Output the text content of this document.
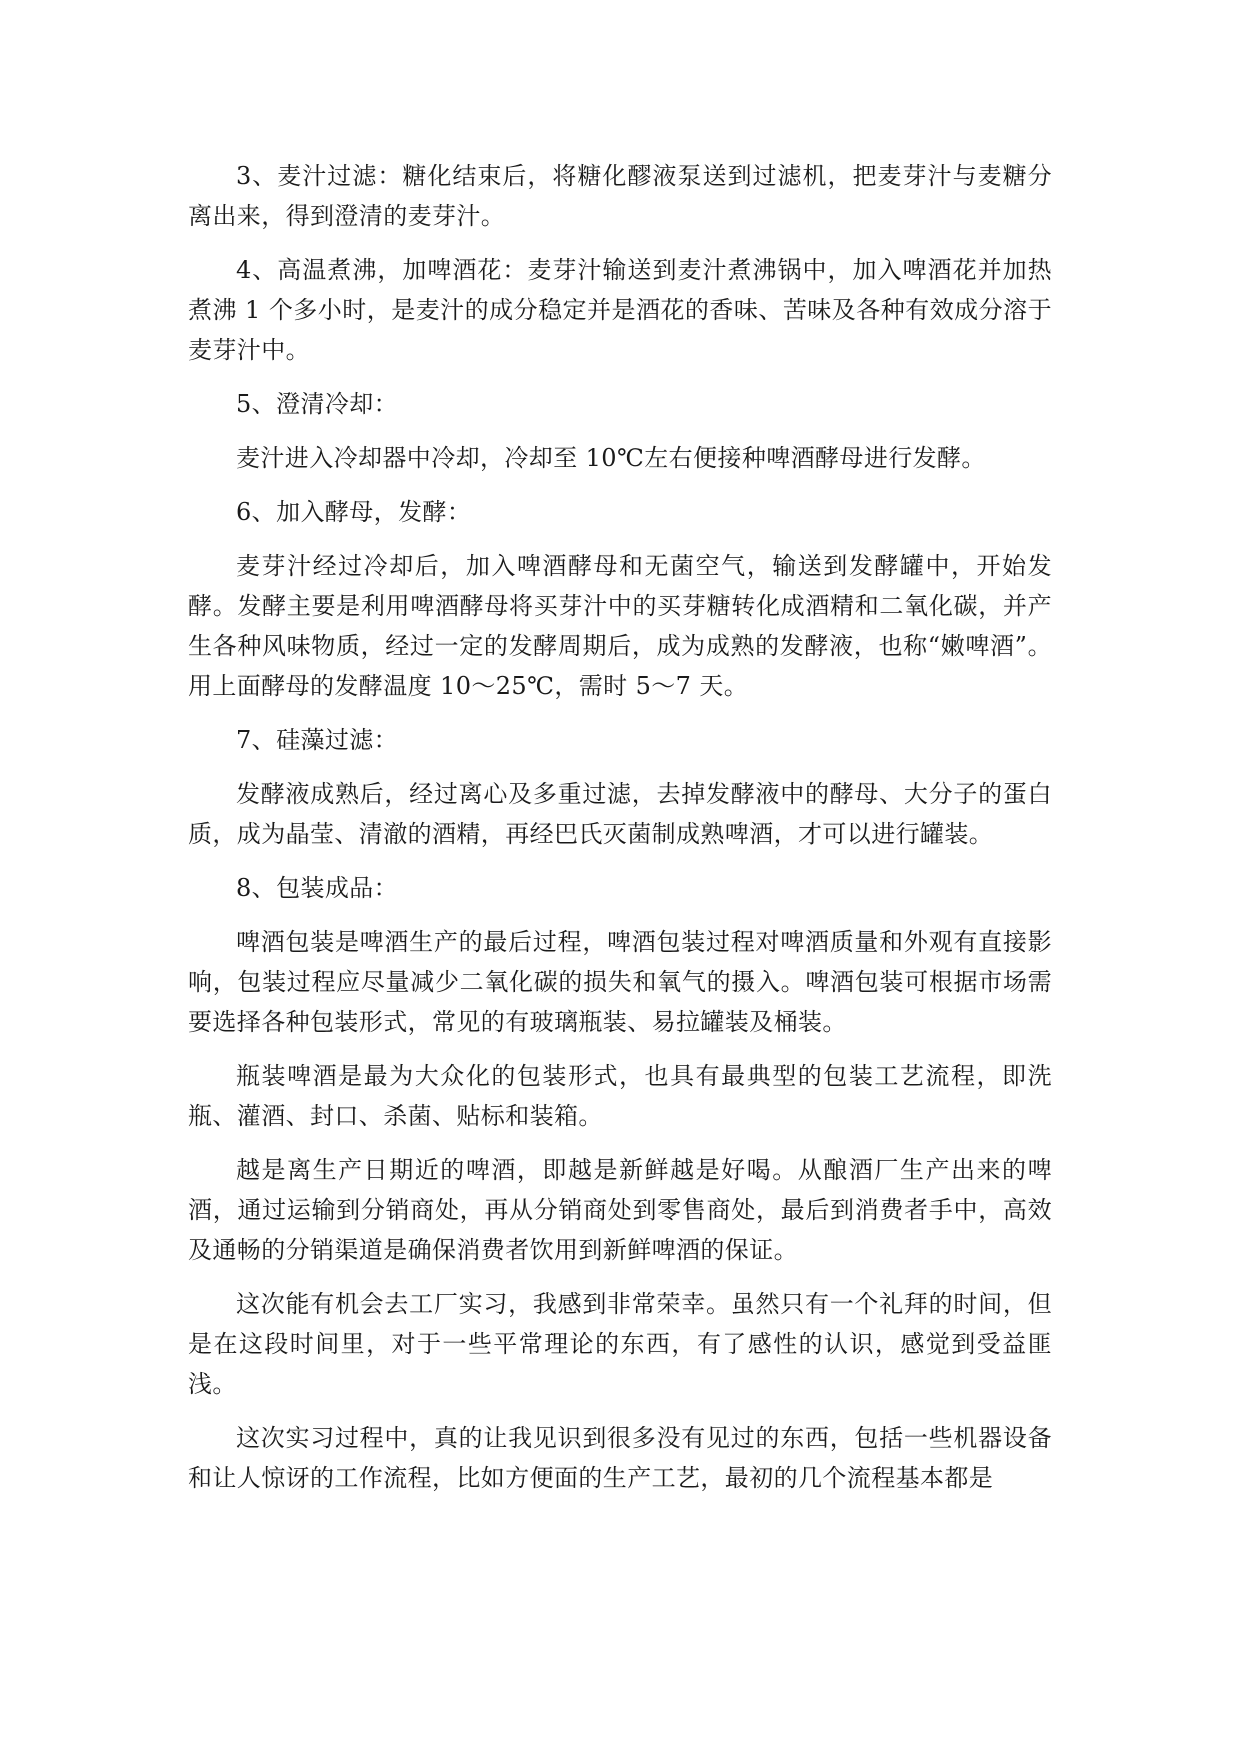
3、麦汁过滤：糖化结束后，将糖化醪液泵送到过滤机，把麦芽汁与麦糖分离出来，得到澄清的麦芽汁。

4、高温煮沸，加啤酒花：麦芽汁输送到麦汁煮沸锅中，加入啤酒花并加热煮沸 1 个多小时，是麦汁的成分稳定并是酒花的香味、苦味及各种有效成分溶于麦芽汁中。

5、澄清冷却：

麦汁进入冷却器中冷却，冷却至 10℃左右便接种啤酒酵母进行发酵。

6、加入酵母，发酵：

麦芽汁经过冷却后，加入啤酒酵母和无菌空气，输送到发酵罐中，开始发酵。发酵主要是利用啤酒酵母将买芽汁中的买芽糖转化成酒精和二氧化碳，并产生各种风味物质，经过一定的发酵周期后，成为成熟的发酵液，也称“嫩啤酒”。用上面酵母的发酵温度 10～25℃，需时 5～7 天。

7、硅藻过滤：

发酵液成熟后，经过离心及多重过滤，去掉发酵液中的酵母、大分子的蛋白质，成为晶莹、清澈的酒精，再经巴氏灭菌制成熟啤酒，才可以进行罐装。

8、包装成品：

啤酒包装是啤酒生产的最后过程，啤酒包装过程对啤酒质量和外观有直接影响，包装过程应尽量减少二氧化碳的损失和氧气的摄入。啤酒包装可根据市场需要选择各种包装形式，常见的有玻璃瓶装、易拉罐装及桶装。

瓶装啤酒是最为大众化的包装形式，也具有最典型的包装工艺流程，即洗瓶、灌酒、封口、杀菌、贴标和装箱。

越是离生产日期近的啤酒，即越是新鲜越是好喝。从酿酒厂生产出来的啤酒，通过运输到分销商处，再从分销商处到零售商处，最后到消费者手中，高效及通畅的分销渠道是确保消费者饮用到新鲜啤酒的保证。

这次能有机会去工厂实习，我感到非常荣幸。虽然只有一个礼拜的时间，但是在这段时间里，对于一些平常理论的东西，有了感性的认识，感觉到受益匪浅。

这次实习过程中，真的让我见识到很多没有见过的东西，包括一些机器设备和让人惊讶的工作流程，比如方便面的生产工艺，最初的几个流程基本都是
